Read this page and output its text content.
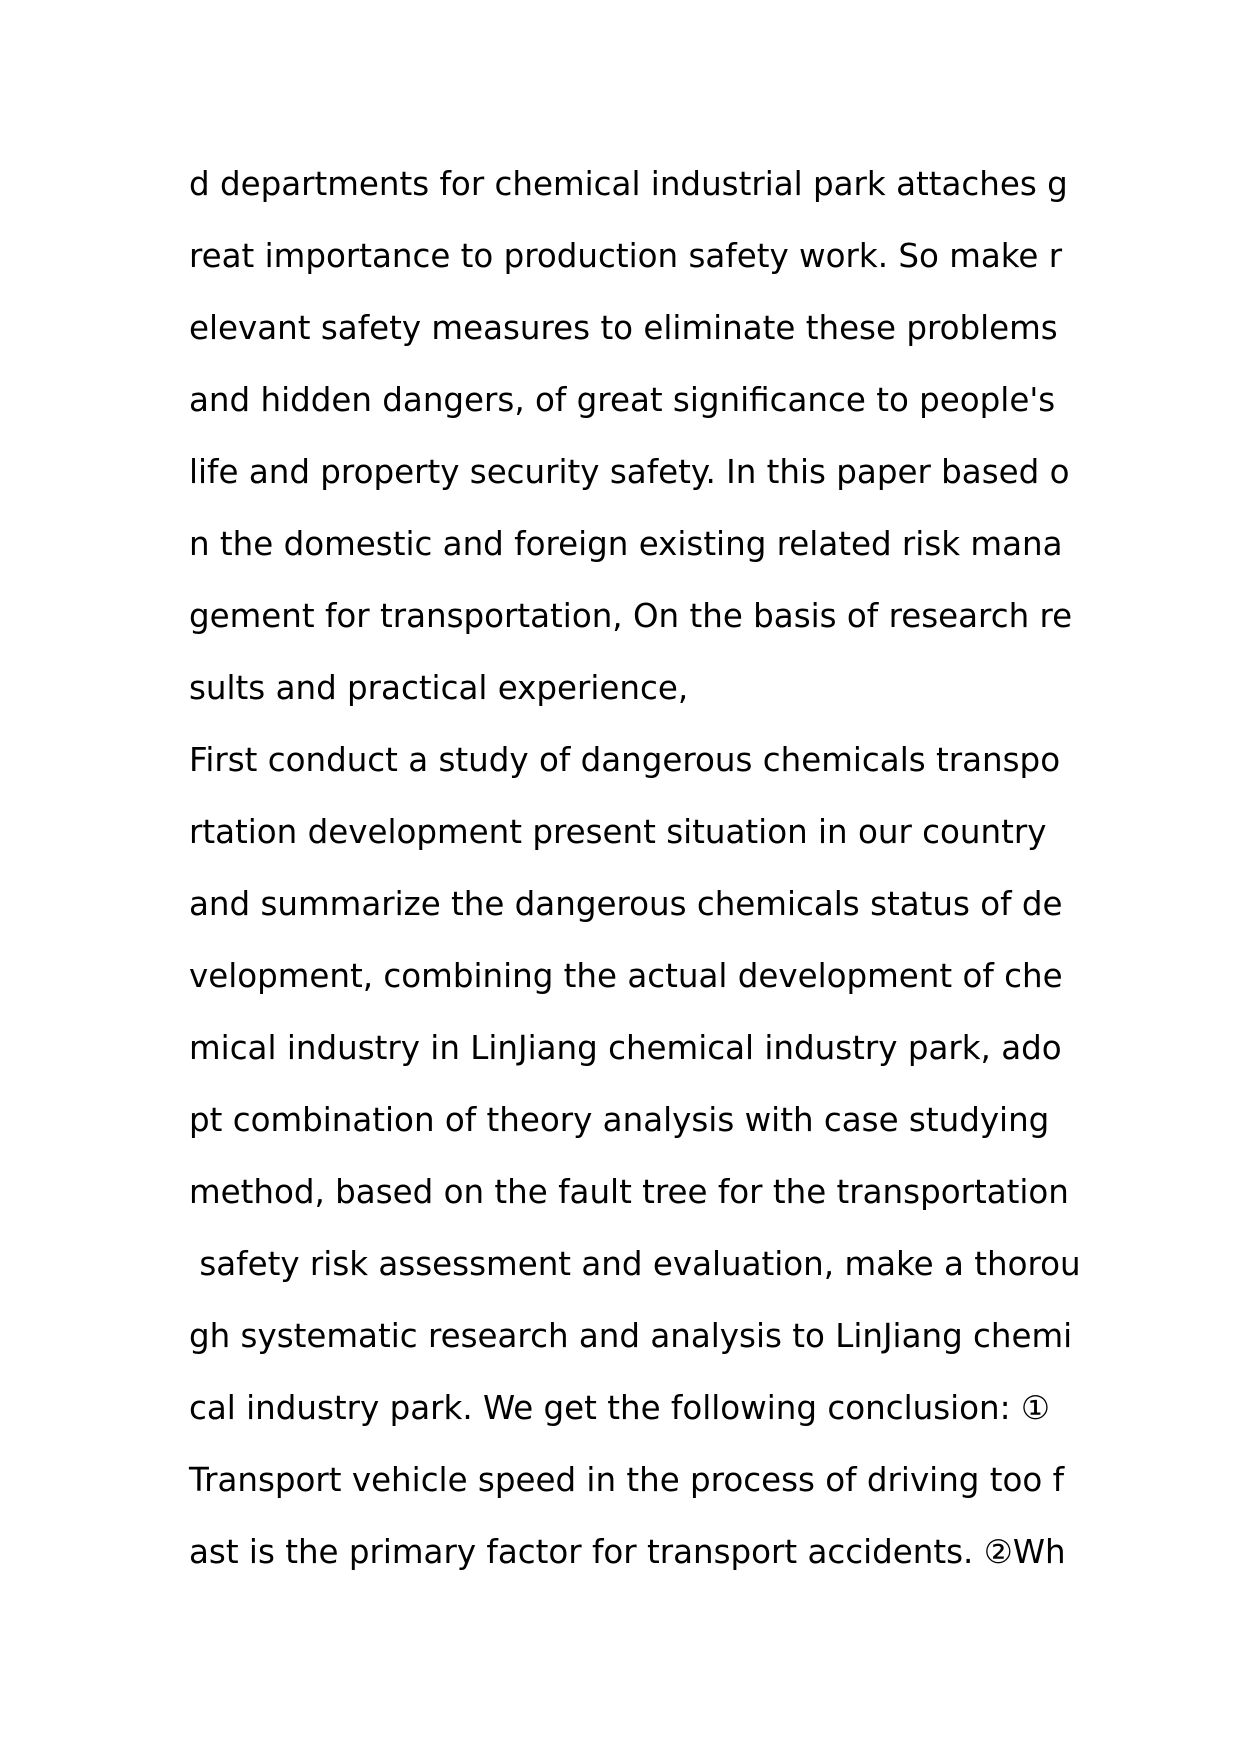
d departments for chemical industrial park attaches g
reat importance to production safety work. So make r
elevant safety measures to eliminate these problems
and hidden dangers, of great significance to people's
life and property security safety. In this paper based o
n the domestic and foreign existing related risk mana
gement for transportation, On the basis of research re
sults and practical experience,
First conduct a study of dangerous chemicals transpo
rtation development present situation in our country
and summarize the dangerous chemicals status of de
velopment, combining the actual development of che
mical industry in LinJiang chemical industry park, ado
pt combination of theory analysis with case studying
method, based on the fault tree for the transportation
safety risk assessment and evaluation, make a thorou
gh systematic research and analysis to LinJiang chemi
cal industry park. We get the following conclusion: ①
Transport vehicle speed in the process of driving too f
ast is the primary factor for transport accidents. ②Wh
